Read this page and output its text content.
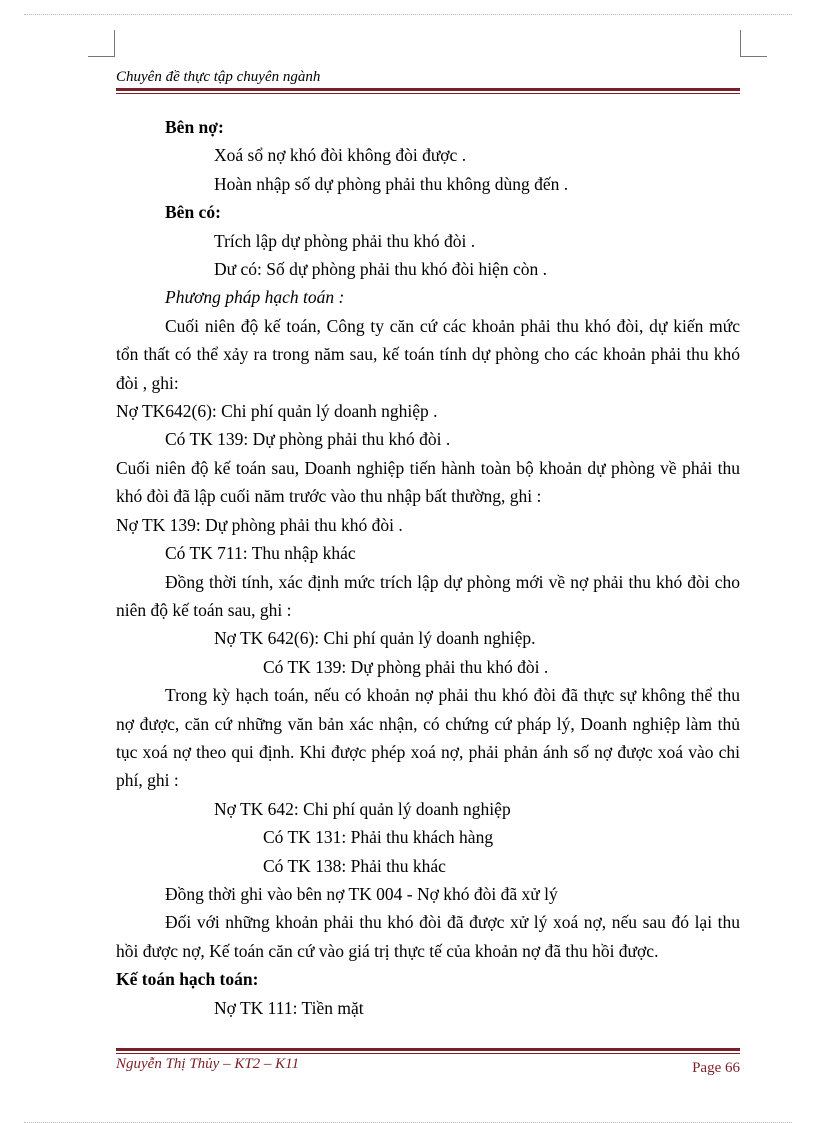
Chuyên đề thực tập chuyên ngành

Bên nợ:

Xoá sổ nợ khó đòi không đòi được .

Hoàn nhập số dự phòng phải thu không dùng đến .

Bên có:

Trích lập dự phòng phải thu khó đòi .

Dư có: Số dự phòng phải thu khó đòi hiện còn .

Phương pháp hạch toán :

Cuối niên độ kế toán, Công ty căn cứ các khoản phải thu khó đòi, dự kiến mức tổn thất có thể xảy ra trong năm sau, kế toán tính dự phòng cho các khoản phải thu khó đòi , ghi:

Nợ TK642(6): Chi phí quản lý doanh nghiệp .

Có TK 139: Dự phòng phải thu khó đòi .

Cuối niên độ kế toán sau, Doanh nghiệp tiến hành toàn bộ khoản dự phòng về phải thu khó đòi đã lập cuối năm trước vào thu nhập bất thường, ghi :

Nợ TK 139: Dự phòng phải thu khó đòi .

Có TK 711: Thu nhập khác

Đồng thời tính, xác định mức trích lập dự phòng mới về nợ phải thu khó đòi cho niên độ kế toán sau, ghi :

Nợ TK 642(6): Chi phí quản lý doanh nghiệp.

Có TK 139: Dự phòng phải thu khó đòi .

Trong kỳ hạch toán, nếu có khoản nợ phải thu khó đòi đã thực sự không thể thu nợ được, căn cứ những văn bản xác nhận, có chứng cứ pháp lý, Doanh nghiệp làm thủ tục xoá nợ theo qui định. Khi được phép xoá nợ, phải phản ánh số nợ được xoá vào chi phí, ghi :

Nợ TK 642: Chi phí quản lý doanh nghiệp

Có TK 131: Phải thu khách hàng

Có TK 138: Phải thu khác

Đồng thời ghi vào bên nợ TK 004 - Nợ khó đòi đã xử lý

Đối với những khoản phải thu khó đòi đã được xử lý xoá nợ, nếu sau đó lại thu hồi được nợ, Kế toán căn cứ vào giá trị thực tế của khoản nợ đã thu hồi được.

Kế toán hạch toán:

Nợ TK 111: Tiền mặt

Nguyễn Thị Thủy – KT2 – K11	Page 66
